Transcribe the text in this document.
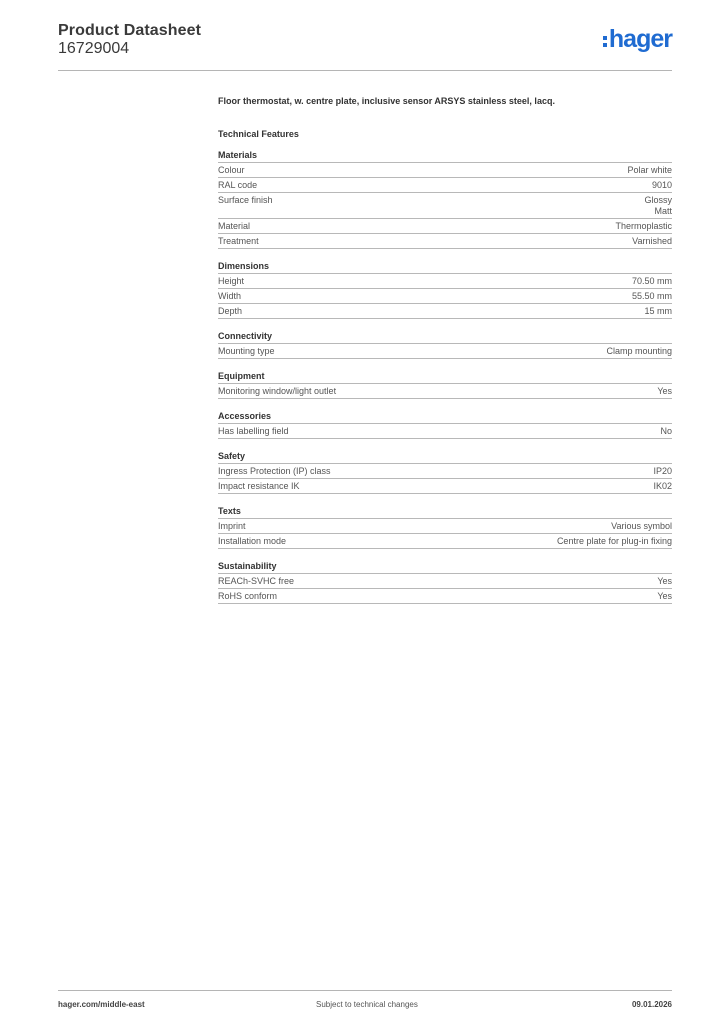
Product Datasheet
16729004	hager
Floor thermostat, w. centre plate, inclusive sensor ARSYS stainless steel, lacq.
Technical Features
Materials
Colour	Polar white
RAL code	9010
Surface finish	Glossy
Matt
Material	Thermoplastic
Treatment	Varnished
Dimensions
Height	70.50 mm
Width	55.50 mm
Depth	15 mm
Connectivity
Mounting type	Clamp mounting
Equipment
Monitoring window/light outlet	Yes
Accessories
Has labelling field	No
Safety
Ingress Protection (IP) class	IP20
Impact resistance IK	IK02
Texts
Imprint	Various symbol
Installation mode	Centre plate for plug-in fixing
Sustainability
REACh-SVHC free	Yes
RoHS conform	Yes
hager.com/middle-east	Subject to technical changes	09.01.2026
